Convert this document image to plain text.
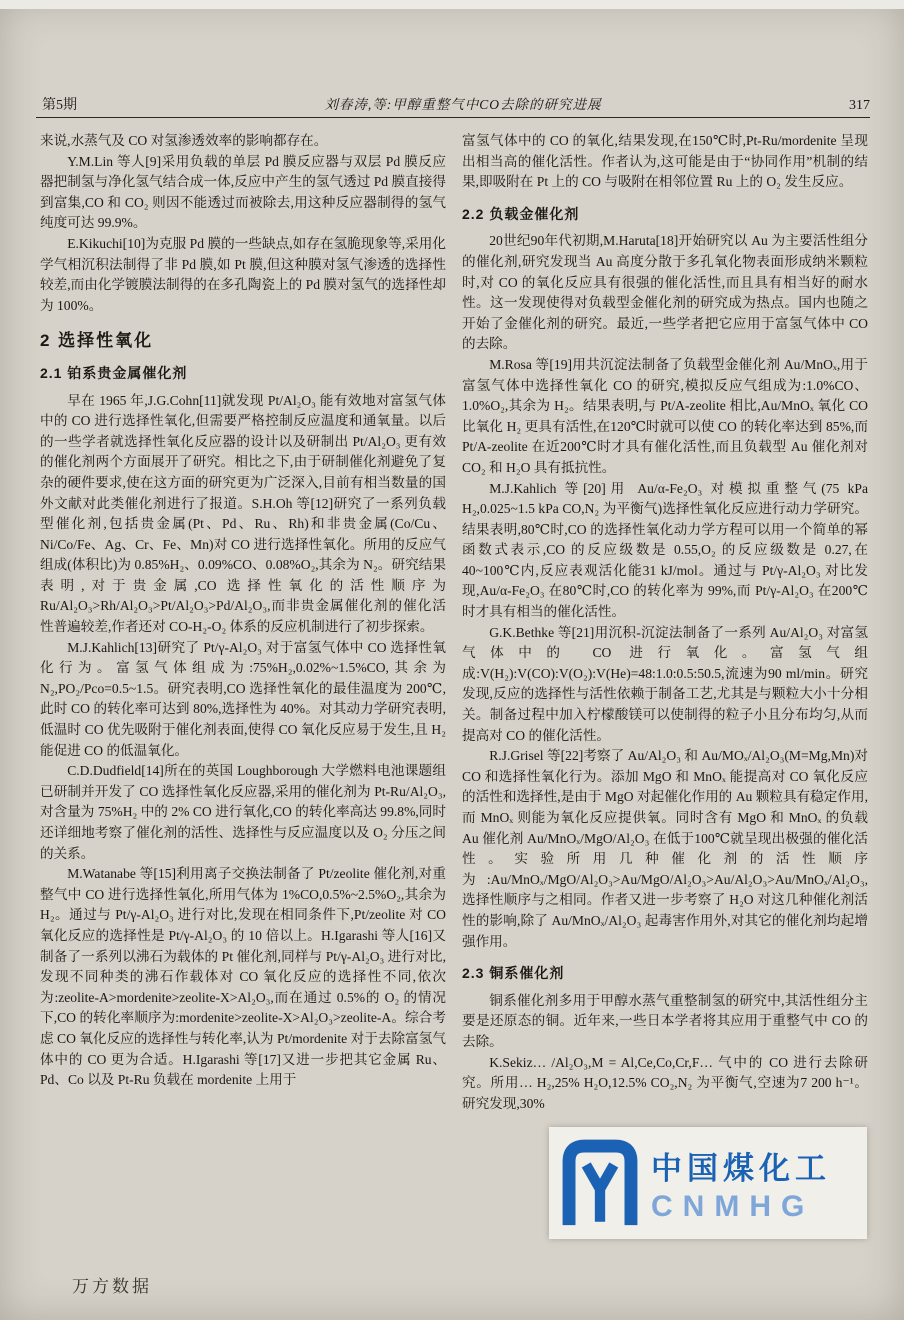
第5期	刘春涛,等:甲醇重整气中CO去除的研究进展	317
来说,水蒸气及 CO 对氢渗透效率的影响都存在。
Y.M.Lin 等人[9]采用负载的单层 Pd 膜反应器与双层 Pd 膜反应器把制氢与净化氢气结合成一体,反应中产生的氢气透过 Pd 膜直接得到富集,CO 和 CO₂ 则因不能透过而被除去,用这种反应器制得的氢气纯度可达 99.9%。
E.Kikuchi[10]为克服 Pd 膜的一些缺点,如存在氢脆现象等,采用化学气相沉积法制得了非 Pd 膜,如 Pt 膜,但这种膜对氢气渗透的选择性较差,而由化学镀膜法制得的在多孔陶瓷上的 Pd 膜对氢气的选择性却为 100%。
2 选择性氧化
2.1 铂系贵金属催化剂
早在 1965 年,J.G.Cohn[11]就发现 Pt/Al₂O₃ 能有效地对富氢气体中的 CO 进行选择性氧化,但需要严格控制反应温度和通氧量。以后的一些学者就选择性氧化反应器的设计以及研制出 Pt/Al₂O₃ 更有效的催化剂两个方面展开了研究。相比之下,由于研制催化剂避免了复杂的硬件要求,使在这方面的研究更为广泛深入,目前有相当数量的国外文献对此类催化剂进行了报道。S.H.Oh 等[12]研究了一系列负载型催化剂,包括贵金属(Pt、Pd、Ru、Rh)和非贵金属(Co/Cu、Ni/Co/Fe、Ag、Cr、Fe、Mn)对 CO 进行选择性氧化。所用的反应气组成(体积比)为 0.85%H₂、0.09%CO、0.08%O₂,其余为 N₂。研究结果表明,对于贵金属,CO 选择性氧化的活性顺序为 Ru/Al₂O₃>Rh/Al₂O₃>Pt/Al₂O₃>Pd/Al₂O₃,而非贵金属催化剂的催化活性普遍较差,作者还对 CO-H₂-O₂ 体系的反应机制进行了初步探索。
M.J.Kahlich[13]研究了 Pt/γ-Al₂O₃ 对于富氢气体中 CO 选择性氧化行为。富氢气体组成为:75%H₂,0.02%~1.5%CO,其余为 N₂,PO₂/Pco=0.5~1.5。研究表明,CO 选择性氧化的最佳温度为 200℃,此时 CO 的转化率可达到 80%,选择性为 40%。对其动力学研究表明,低温时 CO 优先吸附于催化剂表面,使得 CO 氧化反应易于发生,且 H₂ 能促进 CO 的低温氧化。
C.D.Dudfield[14]所在的英国 Loughborough 大学燃料电池课题组已研制并开发了 CO 选择性氧化反应器,采用的催化剂为 Pt-Ru/Al₂O₃,对含量为 75%H₂ 中的 2% CO 进行氧化,CO 的转化率高达 99.8%,同时还详细地考察了催化剂的活性、选择性与反应温度以及 O₂ 分压之间的关系。
M.Watanabe 等[15]利用离子交换法制备了 Pt/zeolite 催化剂,对重整气中 CO 进行选择性氧化,所用气体为 1%CO,0.5%~2.5%O₂,其余为 H₂。通过与 Pt/γ-Al₂O₃ 进行对比,发现在相同条件下,Pt/zeolite 对 CO 氧化反应的选择性是 Pt/γ-Al₂O₃ 的 10 倍以上。H.Igarashi 等人[16]又制备了一系列以沸石为载体的 Pt 催化剂,同样与 Pt/γ-Al₂O₃ 进行对比,发现不同种类的沸石作载体对 CO 氧化反应的选择性不同,依次为:zeolite-A>mordenite>zeolite-X>Al₂O₃,而在通过 0.5%的 O₂ 的情况下,CO 的转化率顺序为:mordenite>zeolite-X>Al₂O₃>zeolite-A。综合考虑 CO 氧化反应的选择性与转化率,认为 Pt/mordenite 对于去除富氢气体中的 CO 更为合适。H.Igarashi 等[17]又进一步把其它金属 Ru、Pd、Co 以及 Pt-Ru 负载在 mordenite 上用于
富氢气体中的 CO 的氧化,结果发现,在150℃时,Pt-Ru/mordenite 呈现出相当高的催化活性。作者认为,这可能是由于“协同作用”机制的结果,即吸附在 Pt 上的 CO 与吸附在相邻位置 Ru 上的 O₂ 发生反应。
2.2 负载金催化剂
20世纪90年代初期,M.Haruta[18]开始研究以 Au 为主要活性组分的催化剂,研究发现当 Au 高度分散于多孔氧化物表面形成纳米颗粒时,对 CO 的氧化反应具有很强的催化活性,而且具有相当好的耐水性。这一发现使得对负载型金催化剂的研究成为热点。国内也随之开始了金催化剂的研究。最近,一些学者把它应用于富氢气体中 CO 的去除。
M.Rosa 等[19]用共沉淀法制备了负载型金催化剂 Au/MnOₓ,用于富氢气体中选择性氧化 CO 的研究,模拟反应气组成为:1.0%CO、1.0%O₂,其余为 H₂。结果表明,与 Pt/A-zeolite 相比,Au/MnOₓ 氧化 CO 比氧化 H₂ 更具有活性,在120℃时就可以使 CO 的转化率达到 85%,而 Pt/A-zeolite 在近200℃时才具有催化活性,而且负载型 Au 催化剂对 CO₂ 和 H₂O 具有抵抗性。
M.J.Kahlich 等[20]用 Au/α-Fe₂O₃ 对模拟重整气(75 kPa H₂,0.025~1.5 kPa CO,N₂ 为平衡气)选择性氧化反应进行动力学研究。结果表明,80℃时,CO 的选择性氧化动力学方程可以用一个简单的幂函数式表示,CO 的反应级数是 0.55,O₂ 的反应级数是 0.27,在 40~100℃内,反应表观活化能31 kJ/mol。通过与 Pt/γ-Al₂O₃ 对比发现,Au/α-Fe₂O₃ 在80℃时,CO 的转化率为 99%,而 Pt/γ-Al₂O₃ 在200℃时才具有相当的催化活性。
G.K.Bethke 等[21]用沉积-沉淀法制备了一系列 Au/Al₂O₃ 对富氢气体中的 CO 进行氧化。富氢气组成:V(H₂):V(CO):V(O₂):V(He)=48:1.0:0.5:50.5,流速为90 ml/min。研究发现,反应的选择性与活性依赖于制备工艺,尤其是与颗粒大小十分相关。制备过程中加入柠檬酸镁可以使制得的粒子小且分布均匀,从而提高对 CO 的催化活性。
R.J.Grisel 等[22]考察了 Au/Al₂O₃ 和 Au/MOₓ/Al₂O₃(M=Mg,Mn)对 CO 和选择性氧化行为。添加 MgO 和 MnOₓ 能提高对 CO 氧化反应的活性和选择性,是由于 MgO 对起催化作用的 Au 颗粒具有稳定作用,而 MnOₓ 则能为氧化反应提供氧。同时含有 MgO 和 MnOₓ 的负载 Au 催化剂 Au/MnOₓ/MgO/Al₂O₃ 在低于100℃就呈现出极强的催化活性。实验所用几种催化剂的活性顺序为:Au/MnOₓ/MgO/Al₂O₃>Au/MgO/Al₂O₃>Au/Al₂O₃>Au/MnOₓ/Al₂O₃,选择性顺序与之相同。作者又进一步考察了 H₂O 对这几种催化剂活性的影响,除了 Au/MnOₓ/Al₂O₃ 起毒害作用外,对其它的催化剂均起增强作用。
2.3 铜系催化剂
铜系催化剂多用于甲醇水蒸气重整制氢的研究中,其活性组分主要是还原态的铜。近年来,一些日本学者将其应用于重整气中 CO 的去除。
K.Sekiz… /Al₂O₃,M = Al,Ce,Co,Cr,F… 气中的 CO 进行去除研究。所用… H₂,25% H₂O,12.5% CO₂,N₂ 为平衡气,空速为7 200 h⁻¹。研究发现,30%
中国煤化工
CNMHG
万方数据
